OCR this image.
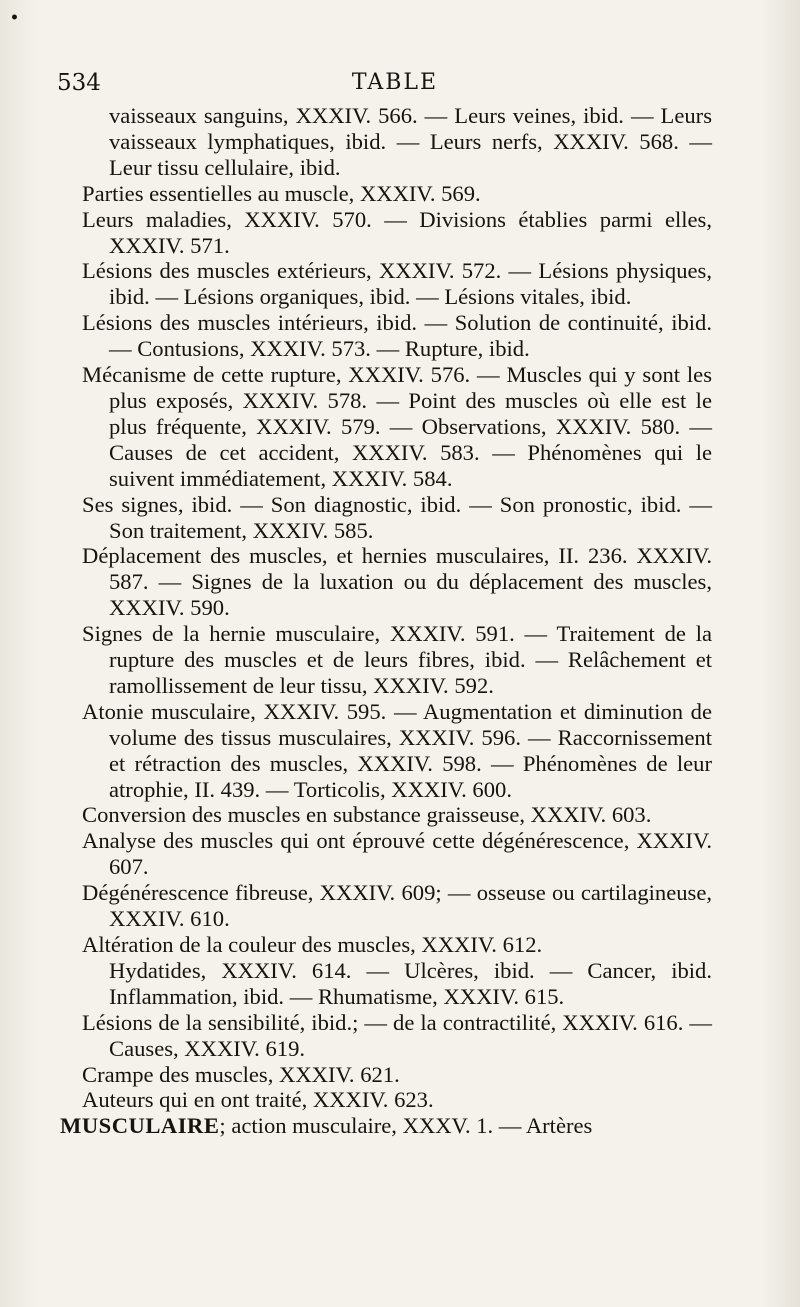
•
534	TABLE

vaisseaux sanguins, XXXIV. 566. — Leurs veines, ibid. — Leurs vaisseaux lymphatiques, ibid. — Leurs nerfs, XXXIV. 568. — Leur tissu cellulaire, ibid.

Parties essentielles au muscle, XXXIV. 569.

Leurs maladies, XXXIV. 570. — Divisions établies parmi elles, XXXIV. 571.

Lésions des muscles extérieurs, XXXIV. 572. — Lésions physiques, ibid. — Lésions organiques, ibid. — Lésions vitales, ibid.

Lésions des muscles intérieurs, ibid. — Solution de continuité, ibid. — Contusions, XXXIV. 573. — Rupture, ibid.

Mécanisme de cette rupture, XXXIV. 576. — Muscles qui y sont les plus exposés, XXXIV. 578. — Point des muscles où elle est le plus fréquente, XXXIV. 579. — Observations, XXXIV. 580. — Causes de cet accident, XXXIV. 583. — Phénomènes qui le suivent immédiatement, XXXIV. 584.

Ses signes, ibid. — Son diagnostic, ibid. — Son pronostic, ibid. — Son traitement, XXXIV. 585.

Déplacement des muscles, et hernies musculaires, II. 236. XXXIV. 587. — Signes de la luxation ou du déplacement des muscles, XXXIV. 590.

Signes de la hernie musculaire, XXXIV. 591. — Traitement de la rupture des muscles et de leurs fibres, ibid. — Relâchement et ramollissement de leur tissu, XXXIV. 592.

Atonie musculaire, XXXIV. 595. — Augmentation et diminution de volume des tissus musculaires, XXXIV. 596. — Raccornissement et rétraction des muscles, XXXIV. 598. — Phénomènes de leur atrophie, II. 439. — Torticolis, XXXIV. 600.

Conversion des muscles en substance graisseuse, XXXIV. 603.

Analyse des muscles qui ont éprouvé cette dégénérescence, XXXIV. 607.

Dégénérescence fibreuse, XXXIV. 609; — osseuse ou cartilagineuse, XXXIV. 610.

Altération de la couleur des muscles, XXXIV. 612.

Hydatides, XXXIV. 614. — Ulcères, ibid. — Cancer, ibid. Inflammation, ibid. — Rhumatisme, XXXIV. 615.

Lésions de la sensibilité, ibid.; — de la contractilité, XXXIV. 616. — Causes, XXXIV. 619.

Crampe des muscles, XXXIV. 621.

Auteurs qui en ont traité, XXXIV. 623.

MUSCULAIRE; action musculaire, XXXV. 1. — Artères
